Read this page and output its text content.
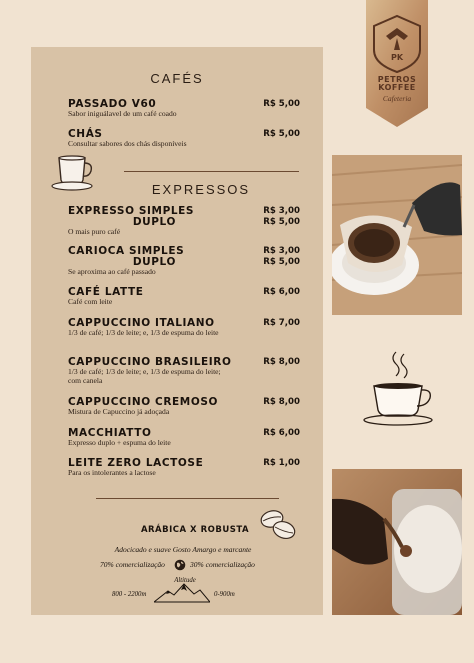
CAFÉS
PASSADO V60
Sabor iniguálavel de um café coado
R$ 5,00
CHÁS
Consultar sabores dos chás disponíveis
R$ 5,00
EXPRESSOS
EXPRESSO SIMPLES
DUPLO
O mais puro café
R$ 3,00
R$ 5,00
CARIOCA SIMPLES
DUPLO
Se aproxima ao café passado
R$ 3,00
R$ 5,00
CAFÉ LATTE
Café com leite
R$ 6,00
CAPPUCCINO ITALIANO
1/3 de café; 1/3 de leite; e, 1/3 de espuma do leite
R$ 7,00
CAPPUCCINO BRASILEIRO
1/3 de café; 1/3 de leite; e, 1/3 de espuma do leite; com canela
R$ 8,00
CAPPUCCINO CREMOSO
Mistura de Capuccino já adoçada
R$ 8,00
MACCHIATTO
Expresso duplo + espuma do leite
R$ 6,00
LEITE ZERO LACTOSE
Para os intolerantes a lactose
R$ 1,00
ARÁBICA X ROBUSTA
Adocicado e suave Gosto Amargo e marcante
70% comercialização	30% comercialização
Altitude
800 - 2200m	0-900m
PK
PETROS
KOFFEE
Cafeteria
